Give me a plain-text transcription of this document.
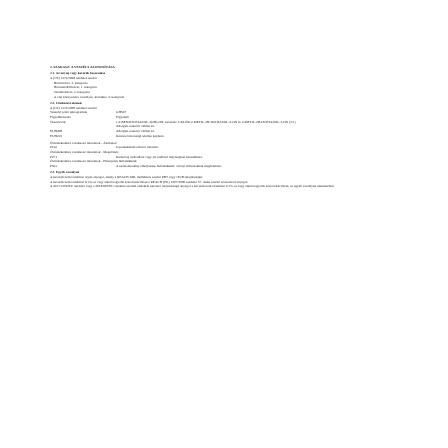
2. SZAKASZ: A VESZÉLY AZONOSÍTÁSA
2.1. Az anyag vagy keverék besorolása
A (CE) 1272/2008 rendelet szerint
Bőrirritáció, 2. kategória
Bőrszenzibilizáció, 1. kategória
Szemirritáció, 2. kategória
A vízi környezetre veszélyes, krónikus, 3. kategória
2.2. Címkézési elemek
A (CE) 1272/2008 rendelet szerint
Veszélyt jelző piktogramok	GHS07
Figyelmeztetés	Figyelem
Összetevők	1,2-BENZIZOTIAZOL-3(2H)-ON; keverék: 5-KLÓR-2-METIL-2H-IZOTIAZOL-3-ON és 2-METIL-2H-IZOTIAZOL-3-ON (3:1)
Allergiás reakciót válthat ki.
EUH208	Allergiás reakciót válthat ki.
EUH210	Kérésre biztonsági adatlap kapható.
Óvintézkedésre vonatkozó mondatok - Általános:
P102	Gyermekektől elzárva tartandó.
Óvintézkedésre vonatkozó mondatok - Megelőzés:
P271	Kizárólag szabadban vagy jól szellőző helyiségben használható.
Óvintézkedésre vonatkozó mondatok - Elhelyezés hulladékként:
P501	A tartalom/edény elhelyezése hulladékként: a helyi előírásoknak megfelelően.
2.3. Egyéb veszélyek
A keverék nem tartalmaz olyan anyagot, amely a REACH XIII. melléklete szerint PBT vagy vPvB tulajdonságú.
A keverék nem tartalmaz 0,1%-os vagy annál nagyobb koncentrációban a REACH (EK) 1907/2006 rendelet 57. cikke szerint azonosított anyagot.
A 2017/2100/EU rendelet vagy a 2018/605/EU rendelet szerinti endokrin károsító tulajdonságú anyagot a keverék nem tartalmaz 0,1%-os vagy annál nagyobb koncentrációban, az egyéb veszélyek tekintetében.
